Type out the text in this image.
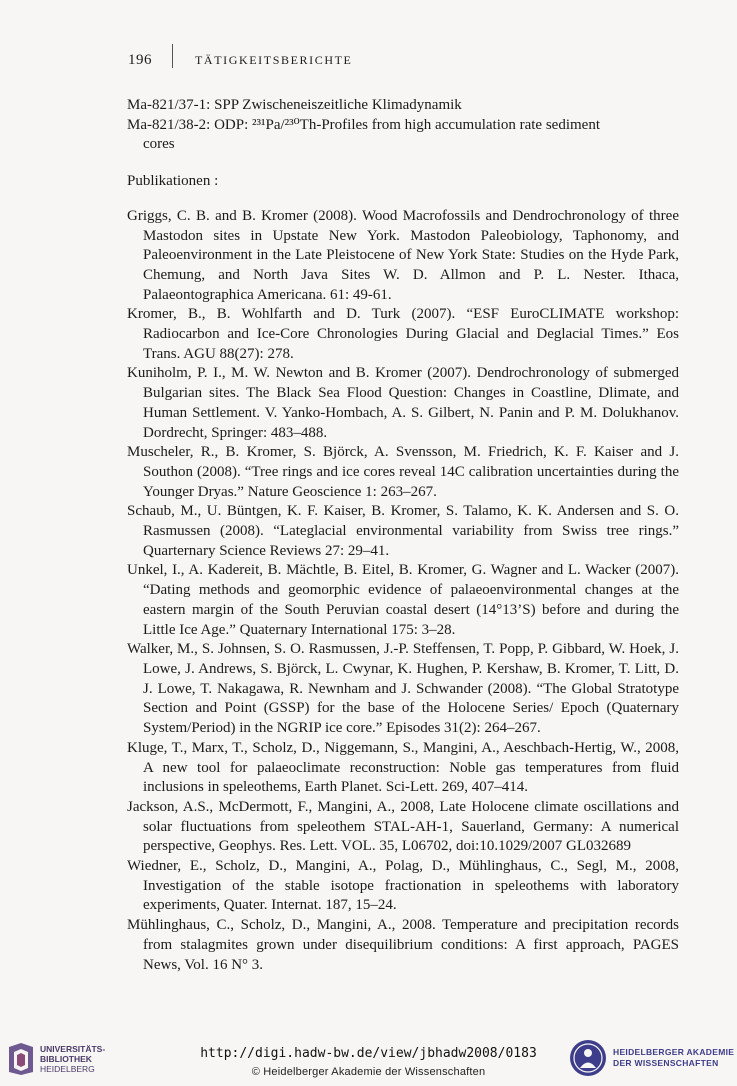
196	TÄTIGKEITSBERICHTE

Ma-821/37-1: SPP Zwischeneiszeitliche Klimadynamik

Ma-821/38-2: ODP: ²³¹Pa/²³⁰Th-Profiles from high accumulation rate sediment
cores

Publikationen :

Griggs, C. B. and B. Kromer (2008). Wood Macrofossils and Dendrochronology of three Mastodon sites in Upstate New York. Mastodon Paleobiology, Taphonomy, and Paleoenvironment in the Late Pleistocene of New York State: Studies on the Hyde Park, Chemung, and North Java Sites W. D. Allmon and P. L. Nester. Ithaca, Palaeontographica Americana. 61: 49-61.

Kromer, B., B. Wohlfarth and D. Turk (2007). “ESF EuroCLIMATE workshop: Radiocarbon and Ice-Core Chronologies During Glacial and Deglacial Times.” Eos Trans. AGU 88(27): 278.

Kuniholm, P. I., M. W. Newton and B. Kromer (2007). Dendrochronology of submerged Bulgarian sites. The Black Sea Flood Question: Changes in Coastline, Dlimate, and Human Settlement. V. Yanko-Hombach, A. S. Gilbert, N. Panin and P. M. Dolukhanov. Dordrecht, Springer: 483–488.

Muscheler, R., B. Kromer, S. Björck, A. Svensson, M. Friedrich, K. F. Kaiser and J. Southon (2008). “Tree rings and ice cores reveal 14C calibration uncertainties during the Younger Dryas.” Nature Geoscience 1: 263–267.

Schaub, M., U. Büntgen, K. F. Kaiser, B. Kromer, S. Talamo, K. K. Andersen and S. O. Rasmussen (2008). “Lateglacial environmental variability from Swiss tree rings.” Quarternary Science Reviews 27: 29–41.

Unkel, I., A. Kadereit, B. Mächtle, B. Eitel, B. Kromer, G. Wagner and L. Wacker (2007). “Dating methods and geomorphic evidence of palaeoenvironmental changes at the eastern margin of the South Peruvian coastal desert (14°13’S) before and during the Little Ice Age.” Quaternary International 175: 3–28.

Walker, M., S. Johnsen, S. O. Rasmussen, J.-P. Steffensen, T. Popp, P. Gibbard, W. Hoek, J. Lowe, J. Andrews, S. Björck, L. Cwynar, K. Hughen, P. Kershaw, B. Kromer, T. Litt, D. J. Lowe, T. Nakagawa, R. Newnham and J. Schwander (2008). “The Global Stratotype Section and Point (GSSP) for the base of the Holocene Series/ Epoch (Quaternary System/Period) in the NGRIP ice core.” Episodes 31(2): 264–267.

Kluge, T., Marx, T., Scholz, D., Niggemann, S., Mangini, A., Aeschbach-Hertig, W., 2008, A new tool for palaeoclimate reconstruction: Noble gas temperatures from fluid inclusions in speleothems, Earth Planet. Sci-Lett. 269, 407–414.

Jackson, A.S., McDermott, F., Mangini, A., 2008, Late Holocene climate oscillations and solar fluctuations from speleothem STAL-AH-1, Sauerland, Germany: A numerical perspective, Geophys. Res. Lett. VOL. 35, L06702, doi:10.1029/2007 GL032689

Wiedner, E., Scholz, D., Mangini, A., Polag, D., Mühlinghaus, C., Segl, M., 2008, Investigation of the stable isotope fractionation in speleothems with laboratory experiments, Quater. Internat. 187, 15–24.

Mühlinghaus, C., Scholz, D., Mangini, A., 2008. Temperature and precipitation records from stalagmites grown under disequilibrium conditions: A first approach, PAGES News, Vol. 16 N° 3.

UNIVERSITÄTS-
BIBLIOTHEK
HEIDELBERG
http://digi.hadw-bw.de/view/jbhadw2008/0183
© Heidelberger Akademie der Wissenschaften
HEIDELBERGER AKADEMIE
DER WISSENSCHAFTEN
